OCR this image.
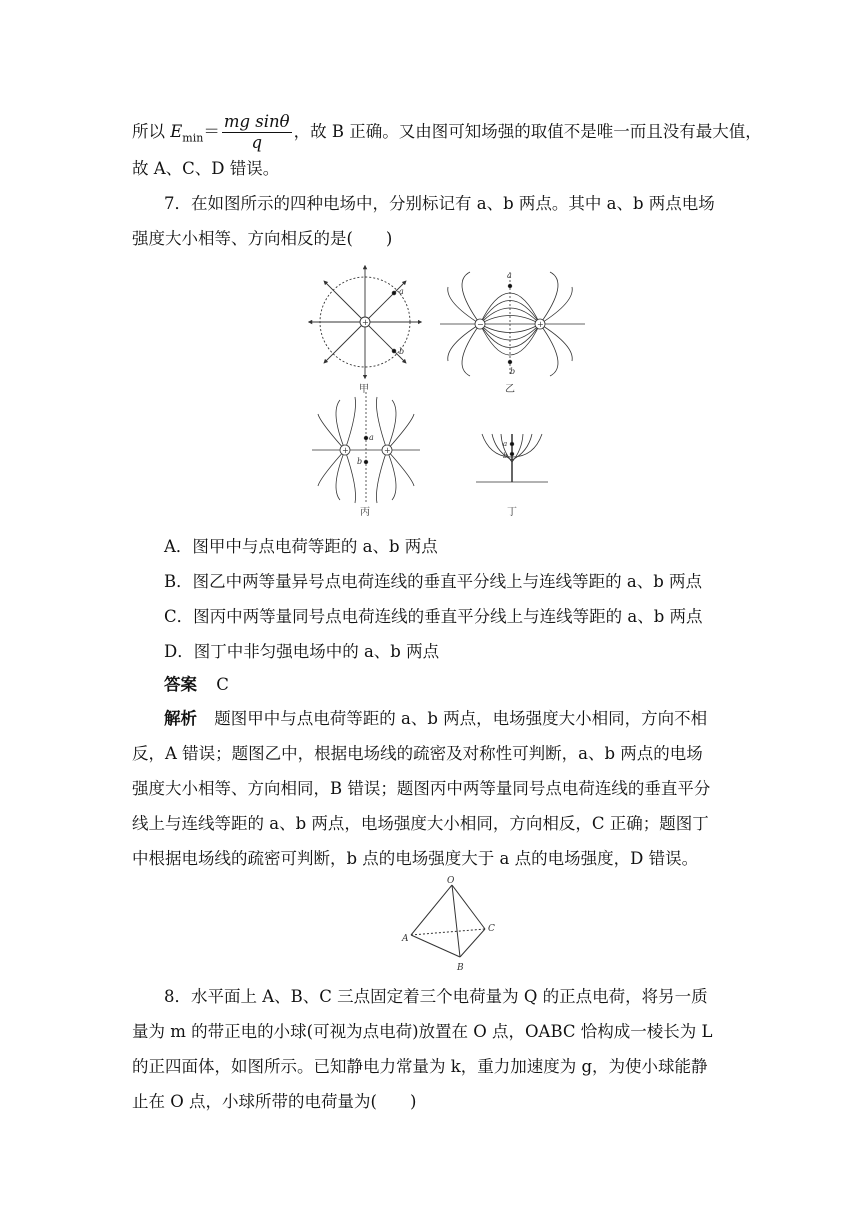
所以 $E_{min}= \frac{\text{mg sinθ}}{q}$ ，故 B 正确。又由图可知场强的取值不是唯一而且没有最大值，
故 A、C、D 错误。
7．在如图所示的四种电场中，分别标记有 a、b 两点。其中 a、b 两点电场
强度大小相等、方向相反的是(　　)
+
a
b
甲
−	+
a
b
乙
+	+
a
b
丙
a
b
丁
A．图甲中与点电荷等距的 a、b 两点
B．图乙中两等量异号点电荷连线的垂直平分线上与连线等距的 a、b 两点
C．图丙中两等量同号点电荷连线的垂直平分线上与连线等距的 a、b 两点
D．图丁中非匀强电场中的 a、b 两点
答案 C
解析 题图甲中与点电荷等距的 a、b 两点，电场强度大小相同，方向不相
反，A 错误；题图乙中，根据电场线的疏密及对称性可判断，a、b 两点的电场
强度大小相等、方向相同，B 错误；题图丙中两等量同号点电荷连线的垂直平分
线上与连线等距的 a、b 两点，电场强度大小相同，方向相反，C 正确；题图丁
中根据电场线的疏密可判断，b 点的电场强度大于 a 点的电场强度，D 错误。
O
A
B
C
8．水平面上 A、B、C 三点固定着三个电荷量为 Q 的正点电荷，将另一质
量为 m 的带正电的小球(可视为点电荷)放置在 O 点，OABC 恰构成一棱长为 L
的正四面体，如图所示。已知静电力常量为 k，重力加速度为 g，为使小球能静
止在 O 点，小球所带的电荷量为(　　)
